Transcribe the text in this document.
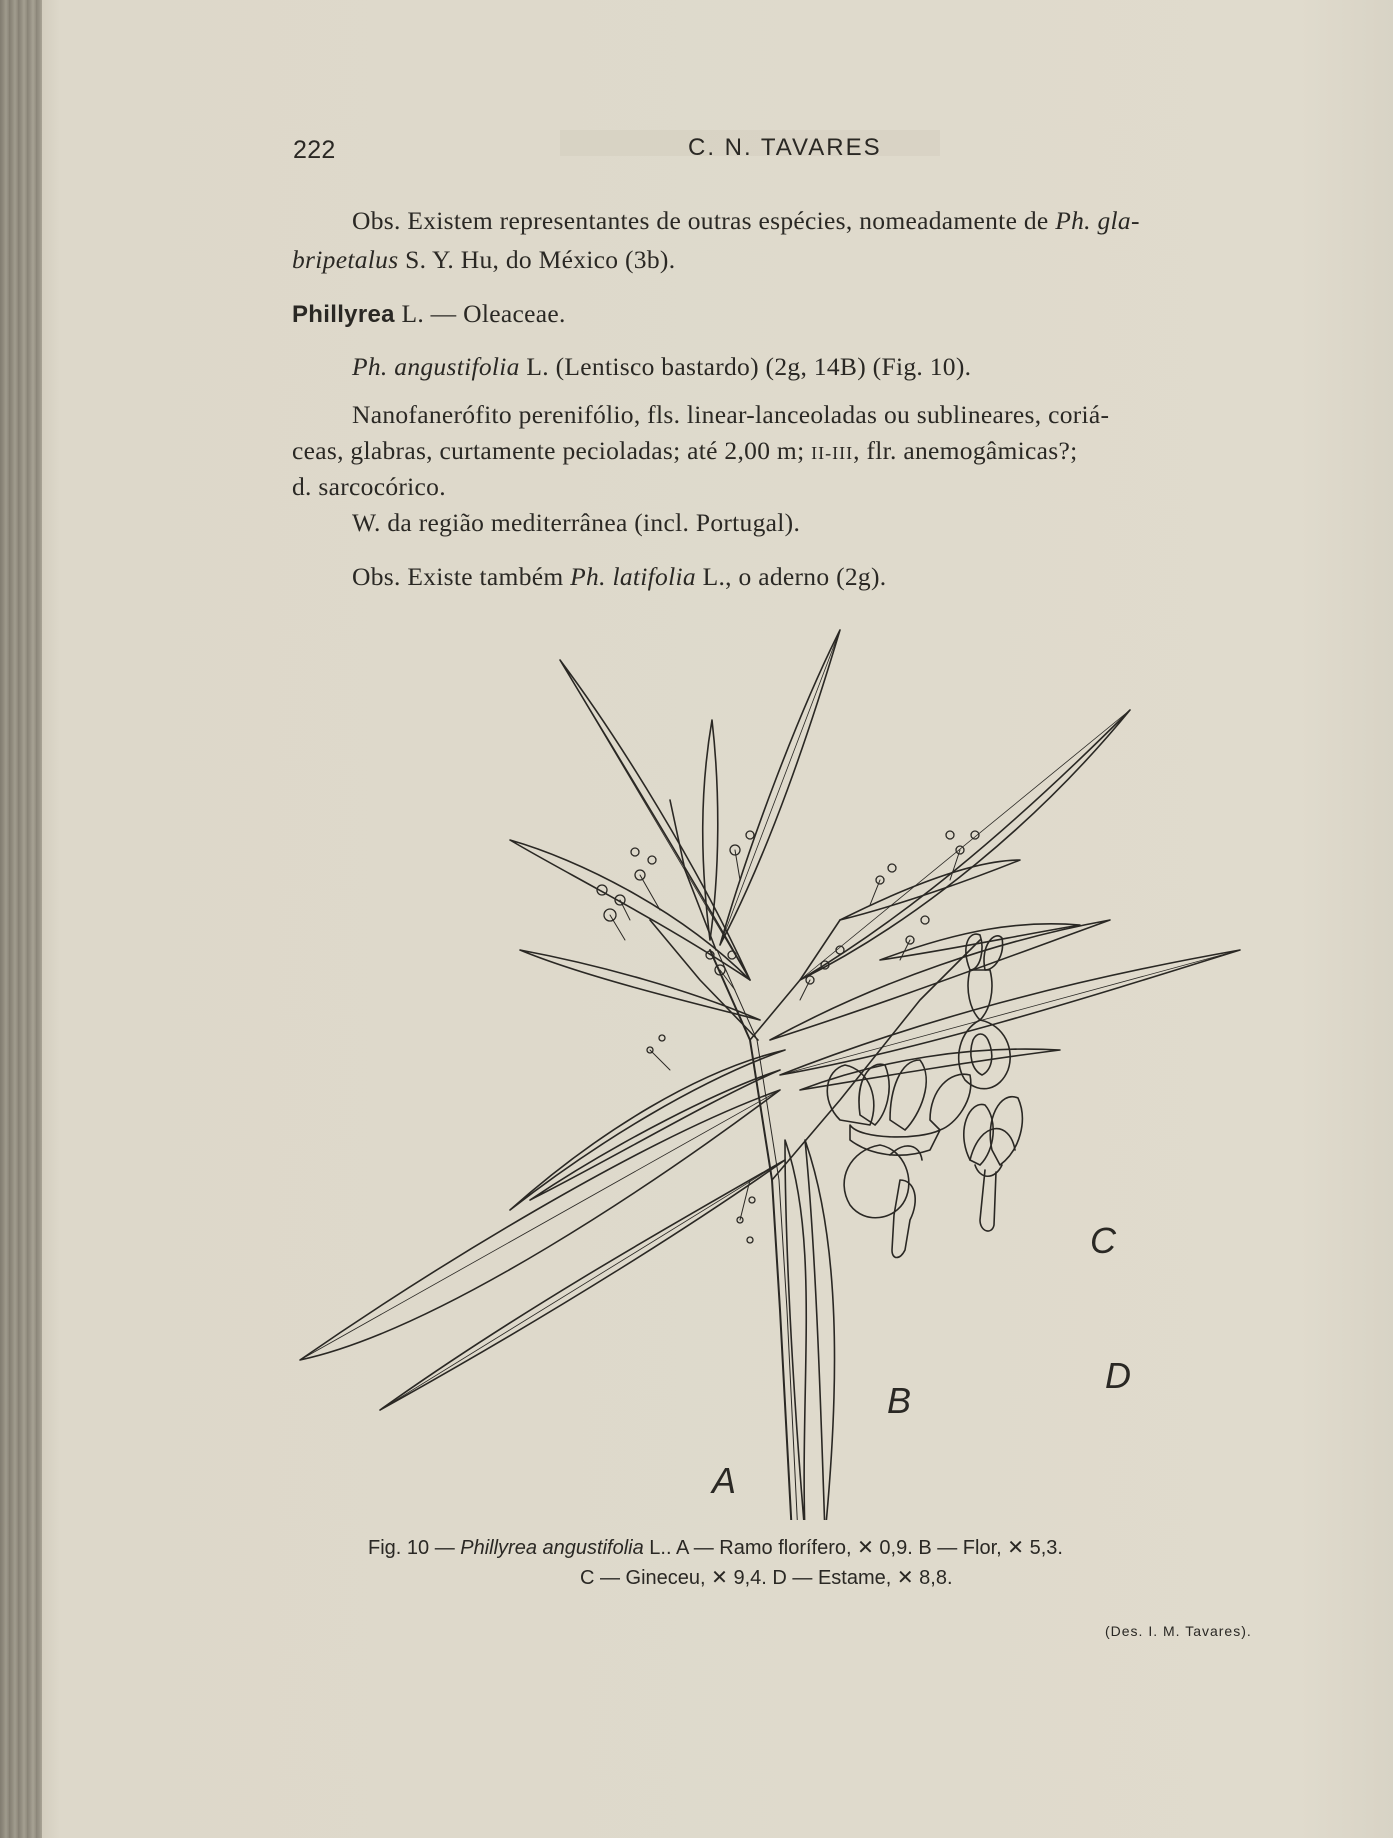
222	C. N. TAVARES
Obs. Existem representantes de outras espécies, nomeadamente de Ph. gla-
bripetalus S. Y. Hu, do México (3b).
Phillyrea L. — Oleaceae.
Ph. angustifolia L. (Lentisco bastardo) (2g, 14B) (Fig. 10).
Nanofanerófito perenifólio, fls. linear-lanceoladas ou sublineares, coriá-
ceas, glabras, curtamente pecioladas; até 2,00 m; II-III, flr. anemogâmicas?;
d. sarcocórico.
W. da região mediterrânea (incl. Portugal).
Obs. Existe também Ph. latifolia L., o aderno (2g).
A
B
C
D
Fig. 10 — Phillyrea angustifolia L.. A — Ramo florífero, ✕ 0,9. B — Flor, ✕ 5,3.
C — Gineceu, ✕ 9,4. D — Estame, ✕ 8,8.
(Des. I. M. Tavares).
